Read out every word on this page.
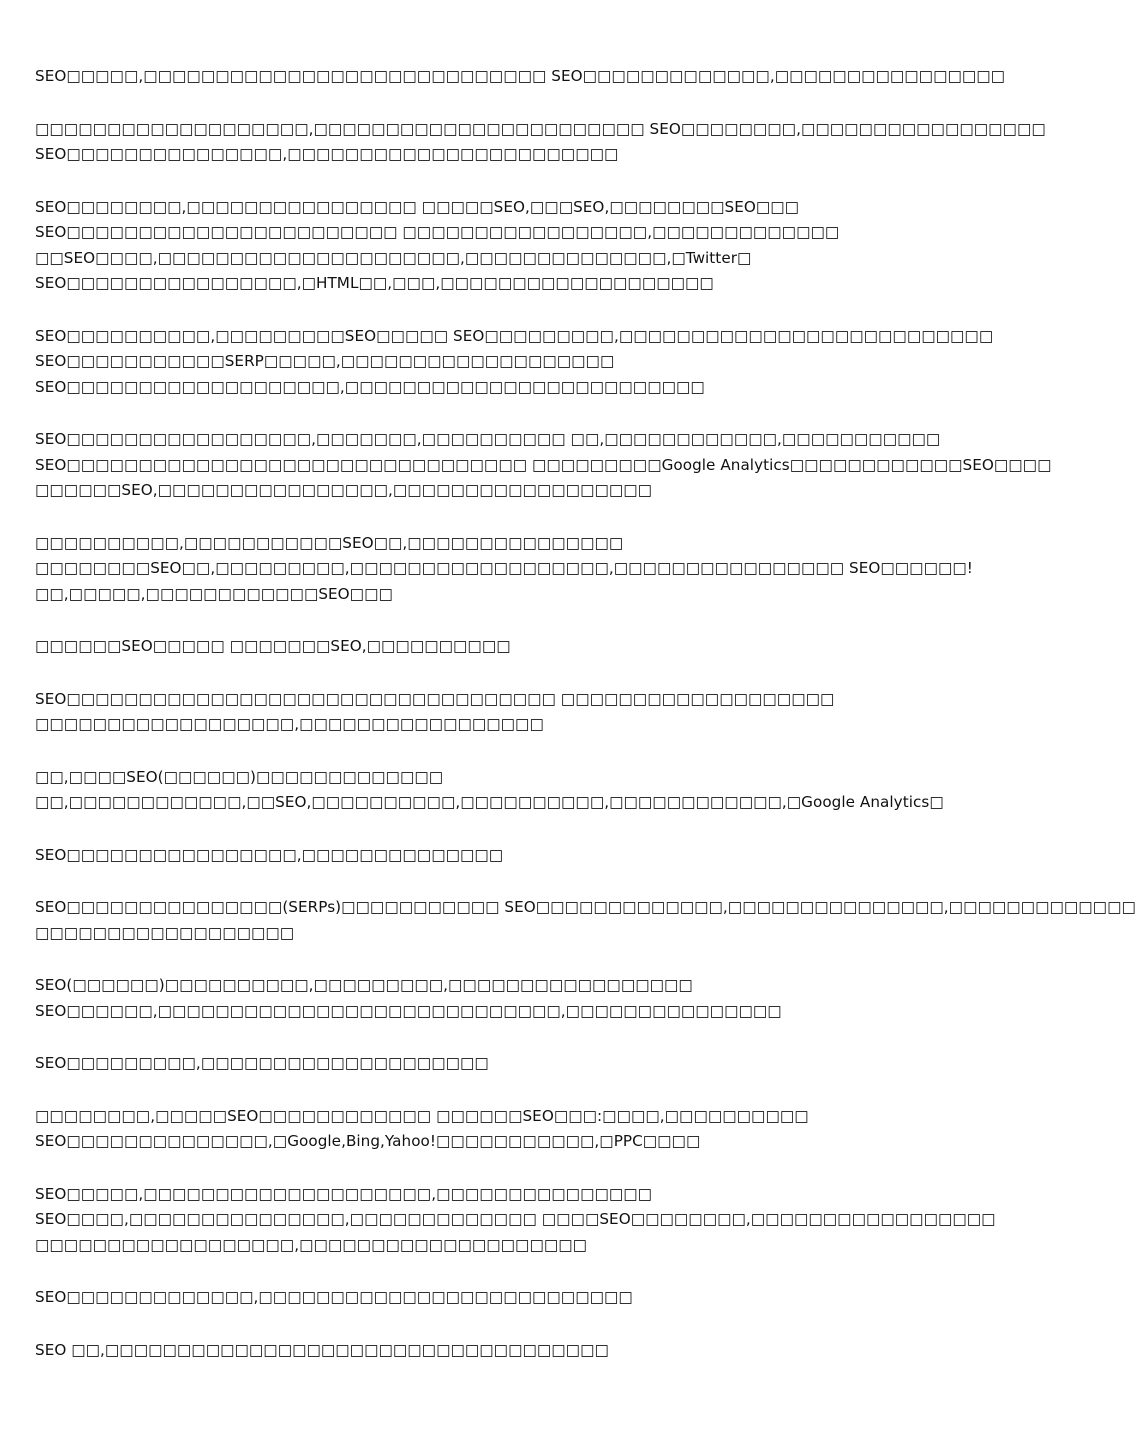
SEO□□□□□,□□□□□□□□□□□□□□□□□□□□□□□□□□□□ SEO□□□□□□□□□□□□□,□□□□□□□□□□□□□□□□
□□□□□□□□□□□□□□□□□□□,□□□□□□□□□□□□□□□□□□□□□□□ SEO□□□□□□□□,□□□□□□□□□□□□□□□□□
SEO□□□□□□□□□□□□□□□,□□□□□□□□□□□□□□□□□□□□□□□
SEO□□□□□□□□,□□□□□□□□□□□□□□□□ □□□□□SEO,□□□SEO,□□□□□□□□SEO□□□
SEO□□□□□□□□□□□□□□□□□□□□□□□ □□□□□□□□□□□□□□□□□,□□□□□□□□□□□□□
□□SEO□□□□,□□□□□□□□□□□□□□□□□□□□□,□□□□□□□□□□□□□□,□Twitter□
SEO□□□□□□□□□□□□□□□□,□HTML□□,□□□,□□□□□□□□□□□□□□□□□□□
SEO□□□□□□□□□□,□□□□□□□□□SEO□□□□□ SEO□□□□□□□□□,□□□□□□□□□□□□□□□□□□□□□□□□□□
SEO□□□□□□□□□□□SERP□□□□□,□□□□□□□□□□□□□□□□□□□
SEO□□□□□□□□□□□□□□□□□□□,□□□□□□□□□□□□□□□□□□□□□□□□□
SEO□□□□□□□□□□□□□□□□□,□□□□□□□,□□□□□□□□□□ □□,□□□□□□□□□□□□,□□□□□□□□□□□
SEO□□□□□□□□□□□□□□□□□□□□□□□□□□□□□□□□ □□□□□□□□□Google Analytics□□□□□□□□□□□□SEO□□□□
□□□□□□SEO,□□□□□□□□□□□□□□□□,□□□□□□□□□□□□□□□□□□
□□□□□□□□□□,□□□□□□□□□□□SEO□□,□□□□□□□□□□□□□□□
□□□□□□□□SEO□□,□□□□□□□□□,□□□□□□□□□□□□□□□□□□,□□□□□□□□□□□□□□□□ SEO□□□□□□!
□□,□□□□□,□□□□□□□□□□□□SEO□□□
□□□□□□SEO□□□□□ □□□□□□□SEO,□□□□□□□□□□
SEO□□□□□□□□□□□□□□□□□□□□□□□□□□□□□□□□□□ □□□□□□□□□□□□□□□□□□□
□□□□□□□□□□□□□□□□□□,□□□□□□□□□□□□□□□□□
□□,□□□□SEO(□□□□□□)□□□□□□□□□□□□□
□□,□□□□□□□□□□□□,□□SEO,□□□□□□□□□□,□□□□□□□□□□,□□□□□□□□□□□□,□Google Analytics□
SEO□□□□□□□□□□□□□□□□,□□□□□□□□□□□□□□
SEO□□□□□□□□□□□□□□□(SERPs)□□□□□□□□□□□ SEO□□□□□□□□□□□□□,□□□□□□□□□□□□□□□,□□□□□□□□□□□□□
□□□□□□□□□□□□□□□□□□
SEO(□□□□□□)□□□□□□□□□□,□□□□□□□□□,□□□□□□□□□□□□□□□□□
SEO□□□□□□,□□□□□□□□□□□□□□□□□□□□□□□□□□□□,□□□□□□□□□□□□□□□
SEO□□□□□□□□□,□□□□□□□□□□□□□□□□□□□□
□□□□□□□□,□□□□□SEO□□□□□□□□□□□□ □□□□□□SEO□□□:□□□□,□□□□□□□□□□
SEO□□□□□□□□□□□□□□,□Google,Bing,Yahoo!□□□□□□□□□□□,□PPC□□□□
SEO□□□□□,□□□□□□□□□□□□□□□□□□□□,□□□□□□□□□□□□□□□
SEO□□□□,□□□□□□□□□□□□□□□,□□□□□□□□□□□□□ □□□□SEO□□□□□□□□,□□□□□□□□□□□□□□□□□
□□□□□□□□□□□□□□□□□□,□□□□□□□□□□□□□□□□□□□□
SEO□□□□□□□□□□□□□,□□□□□□□□□□□□□□□□□□□□□□□□□□
SEO □□,□□□□□□□□□□□□□□□□□□□□□□□□□□□□□□□□□□□
